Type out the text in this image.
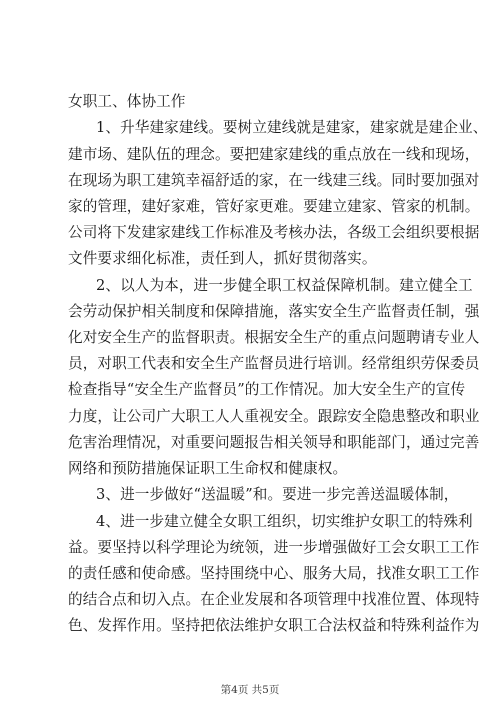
女职工、体协工作
1、升华建家建线。要树立建线就是建家，建家就是建企业、
建市场、建队伍的理念。要把建家建线的重点放在一线和现场，
在现场为职工建筑幸福舒适的家，在一线建三线。同时要加强对
家的管理，建好家难，管好家更难。要建立建家、管家的机制。
公司将下发建家建线工作标准及考核办法，各级工会组织要根据
文件要求细化标准，责任到人，抓好贯彻落实。
2、以人为本，进一步健全职工权益保障机制。建立健全工
会劳动保护相关制度和保障措施，落实安全生产监督责任制，强
化对安全生产的监督职责。根据安全生产的重点问题聘请专业人
员，对职工代表和安全生产监督员进行培训。经常组织劳保委员
检查指导“安全生产监督员”的工作情况。加大安全生产的宣传
力度，让公司广大职工人人重视安全。跟踪安全隐患整改和职业
危害治理情况，对重要问题报告相关领导和职能部门，通过完善
网络和预防措施保证职工生命权和健康权。
3、进一步做好“送温暖”和。要进一步完善送温暖体制，
4、进一步建立健全女职工组织，切实维护女职工的特殊利
益。要坚持以科学理论为统领，进一步增强做好工会女职工工作
的责任感和使命感。坚持围绕中心、服务大局，找准女职工工作
的结合点和切入点。在企业发展和各项管理中找准位置、体现特
色、发挥作用。坚持把依法维护女职工合法权益和特殊利益作为
第4页 共5页
